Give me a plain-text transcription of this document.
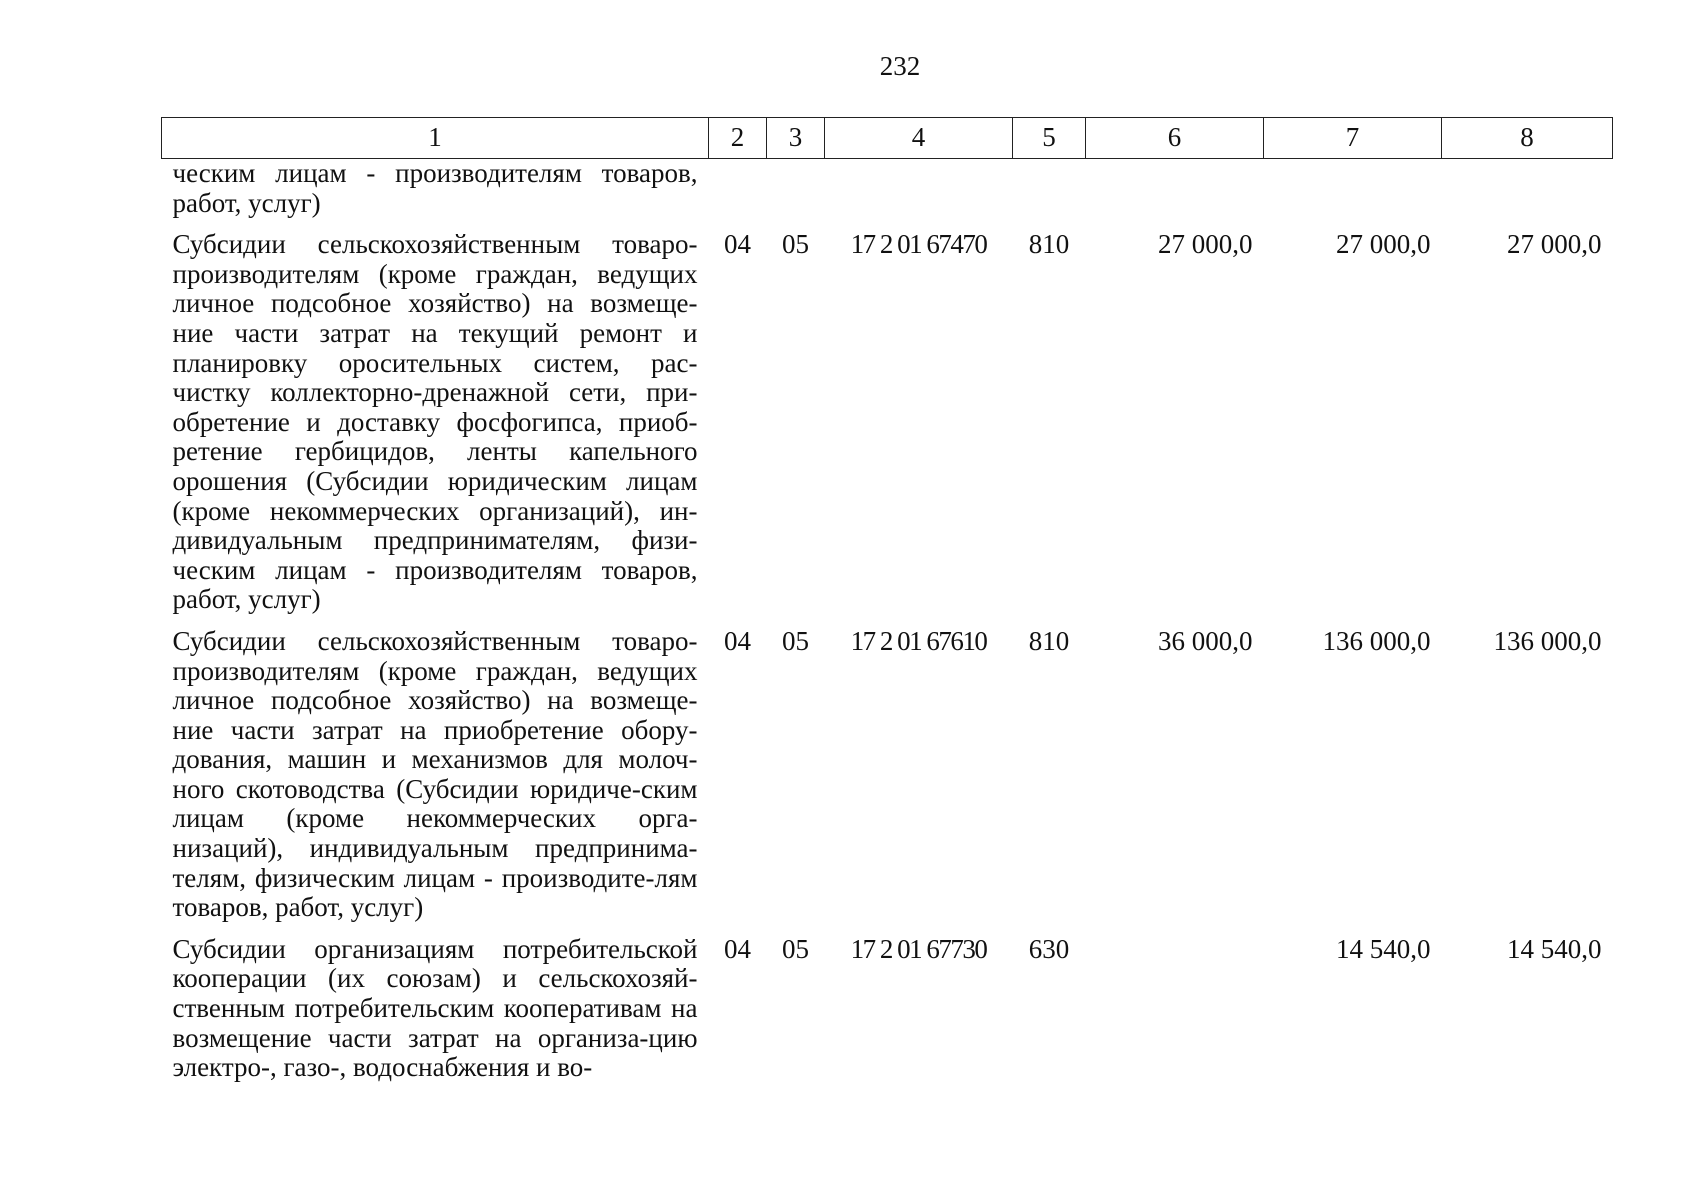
232
1	2	3	4	5	6	7	8
ческим лицам - производителям товаров, работ, услуг)							
Субсидии сельскохозяйственным товаро-производителям (кроме граждан, ведущих личное подсобное хозяйство) на возмеще-ние части затрат на текущий ремонт и планировку оросительных систем, рас-чистку коллекторно-дренажной сети, при-обретение и доставку фосфогипса, приоб-ретение гербицидов, ленты капельного орошения (Субсидии юридическим лицам (кроме некоммерческих организаций), ин-дивидуальным предпринимателям, физи-ческим лицам - производителям товаров, работ, услуг)	04	05	17 2 01 67470	810	27 000,0	27 000,0	27 000,0
Субсидии сельскохозяйственным товаро-производителям (кроме граждан, ведущих личное подсобное хозяйство) на возмеще-ние части затрат на приобретение обору-дования, машин и механизмов для молоч-ного скотоводства (Субсидии юридиче-ским лицам (кроме некоммерческих орга-низаций), индивидуальным предпринима-телям, физическим лицам - производите-лям товаров, работ, услуг)	04	05	17 2 01 67610	810	36 000,0	136 000,0	136 000,0
Субсидии организациям потребительской кооперации (их союзам) и сельскохозяй-ственным потребительским кооперативам на возмещение части затрат на организа-цию электро-, газо-, водоснабжения и во-	04	05	17 2 01 67730	630		14 540,0	14 540,0
